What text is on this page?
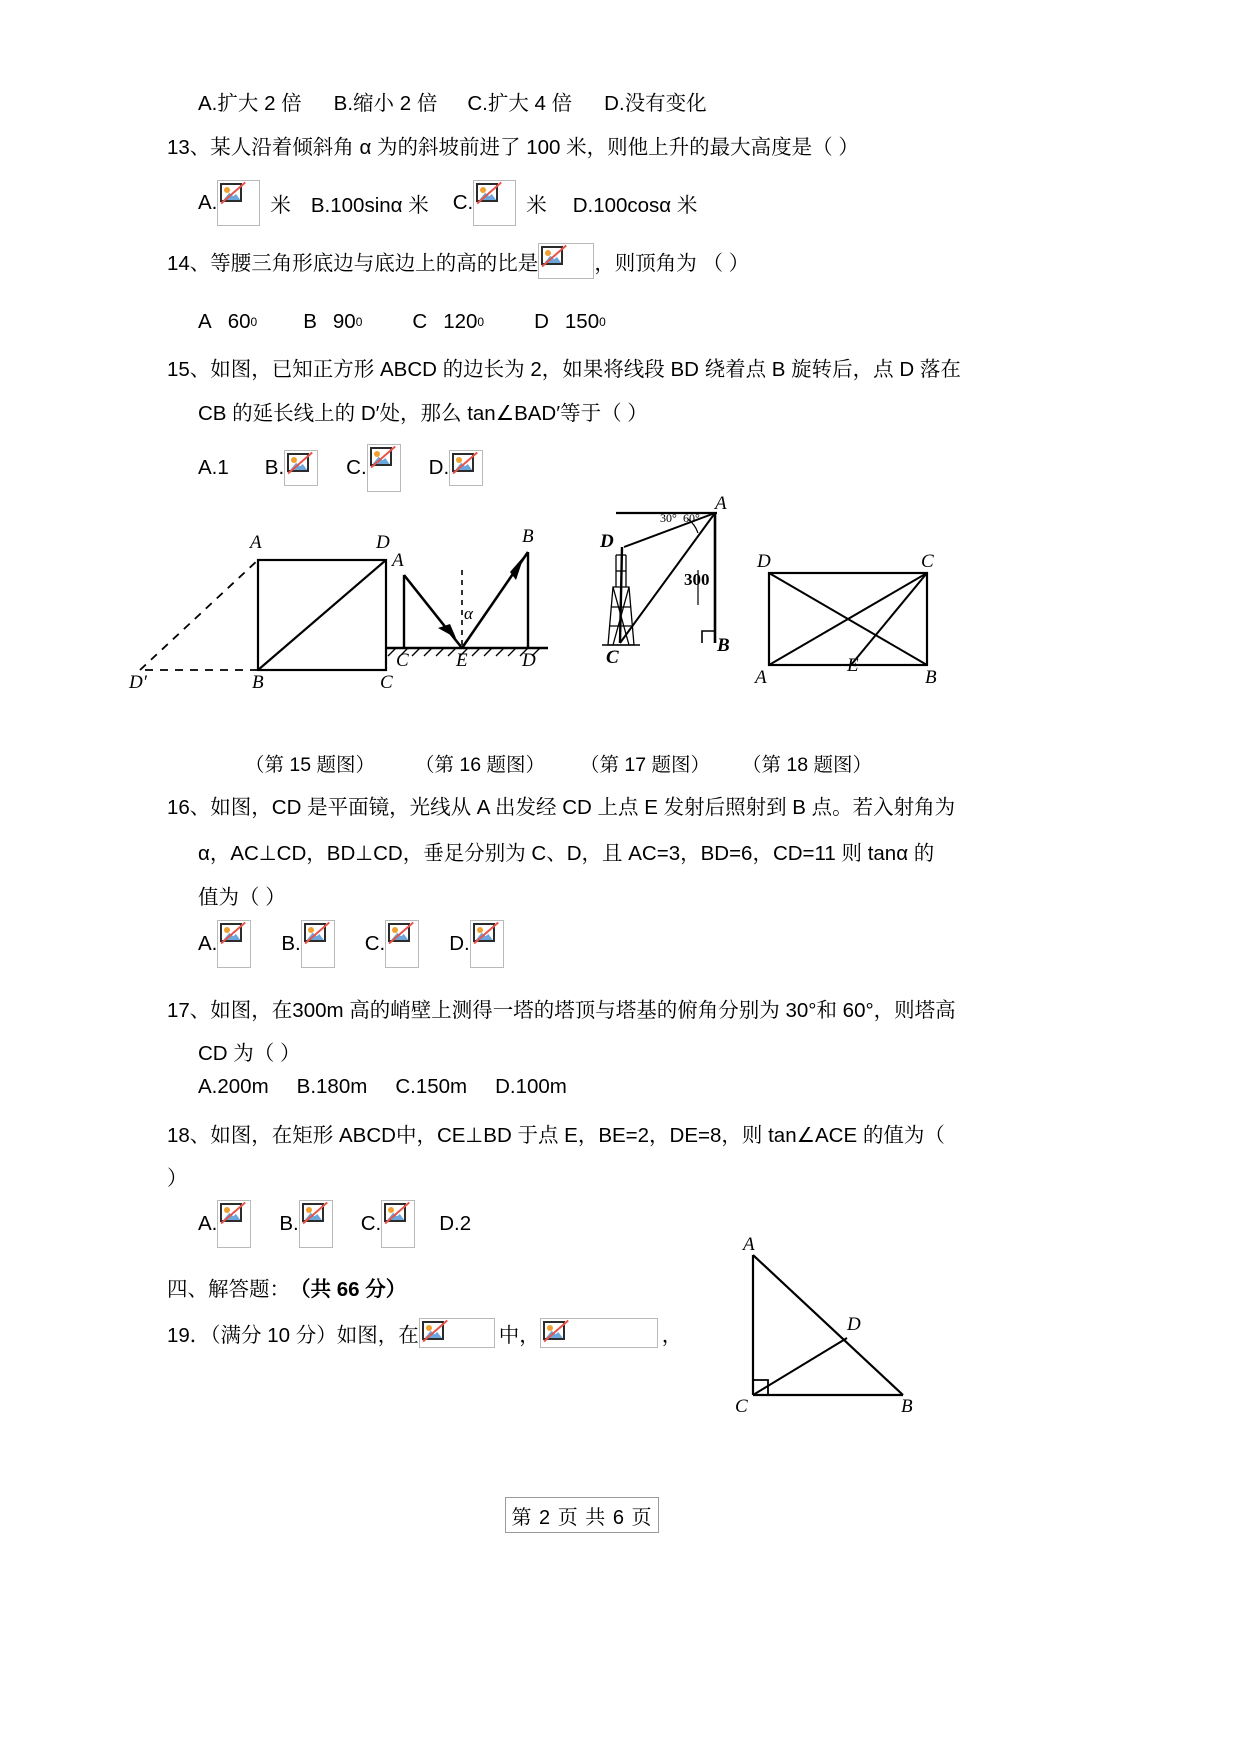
A.扩大 2 倍 B.缩小 2 倍 C.扩大 4 倍 D.没有变化
13、某人沿着倾斜角 α 为的斜坡前进了 100 米，则他上升的最大高度是（ ）
A.	米 B.100sinα 米 C.	米 D.100cosα 米
14、等腰三角形底边与底边上的高的比是	，则顶角为 （ ）
A 60 0 B 90 0 C 120 0 D 150 0
15、如图，已知正方形 ABCD 的边长为 2，如果将线段 BD 绕着点 B 旋转后，点 D 落在
CB 的延长线上的 D′处，那么 tan∠BAD′等于（ ）
A.1 B.	C.	D.
A	D
D′	B	C
A
B
C E	D
α
30° 60°
A
B
C
D
300
D	C
A	B
E
（第 15 题图） （第 16 题图） （第 17 题图） （第 18 题图）
16、如图，CD 是平面镜，光线从 A 出发经 CD 上点 E 发射后照射到 B 点。若入射角为
α，AC⊥CD，BD⊥CD，垂足分别为 C、D，且 AC=3，BD=6，CD=11 则 tanα 的
值为（ ）
A.	B.	C.	D.
17、如图，在300m 高的峭壁上测得一塔的塔顶与塔基的俯角分别为 30°和 60°，则塔高
CD 为（ ）
A.200m B.180m C.150m D.100m
18、如图，在矩形 ABCD中，CE⊥BD 于点 E，BE=2，DE=8，则 tan∠ACE 的值为（
）
A.	B.	C.	D.2
四、解答题： （共 66 分）
19．（满分 10 分）如图，在	中，	，
A
D
C	B
第 2 页 共 6 页
